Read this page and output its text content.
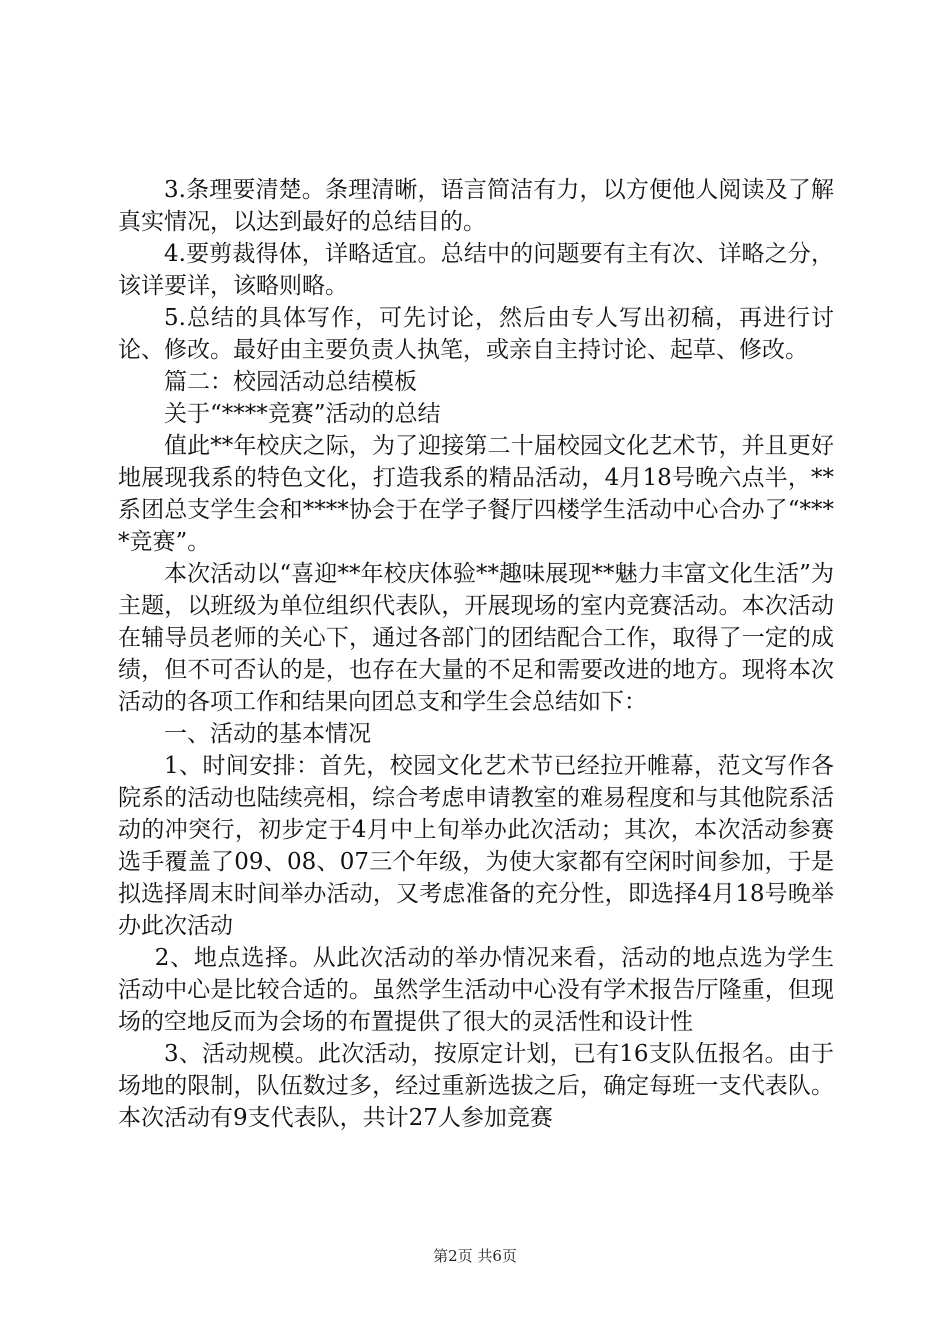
3.条理要清楚。条理清晰，语言简洁有力，以方便他人阅读及了解真实情况，以达到最好的总结目的。

4.要剪裁得体，详略适宜。总结中的问题要有主有次、详略之分，该详要详，该略则略。

5.总结的具体写作，可先讨论，然后由专人写出初稿，再进行讨论、修改。最好由主要负责人执笔，或亲自主持讨论、起草、修改。

篇二：校园活动总结模板

关于“****竞赛”活动的总结

值此**年校庆之际，为了迎接第二十届校园文化艺术节，并且更好地展现我系的特色文化，打造我系的精品活动，4月18号晚六点半，**系团总支学生会和****协会于在学子餐厅四楼学生活动中心合办了“****竞赛”。

本次活动以“喜迎**年校庆体验**趣味展现**魅力丰富文化生活”为主题，以班级为单位组织代表队，开展现场的室内竞赛活动。本次活动在辅导员老师的关心下，通过各部门的团结配合工作，取得了一定的成绩，但不可否认的是，也存在大量的不足和需要改进的地方。现将本次活动的各项工作和结果向团总支和学生会总结如下：

一、活动的基本情况

1、时间安排：首先，校园文化艺术节已经拉开帷幕，范文写作各院系的活动也陆续亮相，综合考虑申请教室的难易程度和与其他院系活动的冲突行，初步定于4月中上旬举办此次活动；其次，本次活动参赛选手覆盖了09、08、07三个年级，为使大家都有空闲时间参加，于是拟选择周末时间举办活动，又考虑准备的充分性，即选择4月18号晚举办此次活动

2、地点选择。从此次活动的举办情况来看，活动的地点选为学生活动中心是比较合适的。虽然学生活动中心没有学术报告厅隆重，但现场的空地反而为会场的布置提供了很大的灵活性和设计性

3、活动规模。此次活动，按原定计划，已有16支队伍报名。由于场地的限制，队伍数过多，经过重新选拔之后，确定每班一支代表队。本次活动有9支代表队，共计27人参加竞赛

第2页 共6页
